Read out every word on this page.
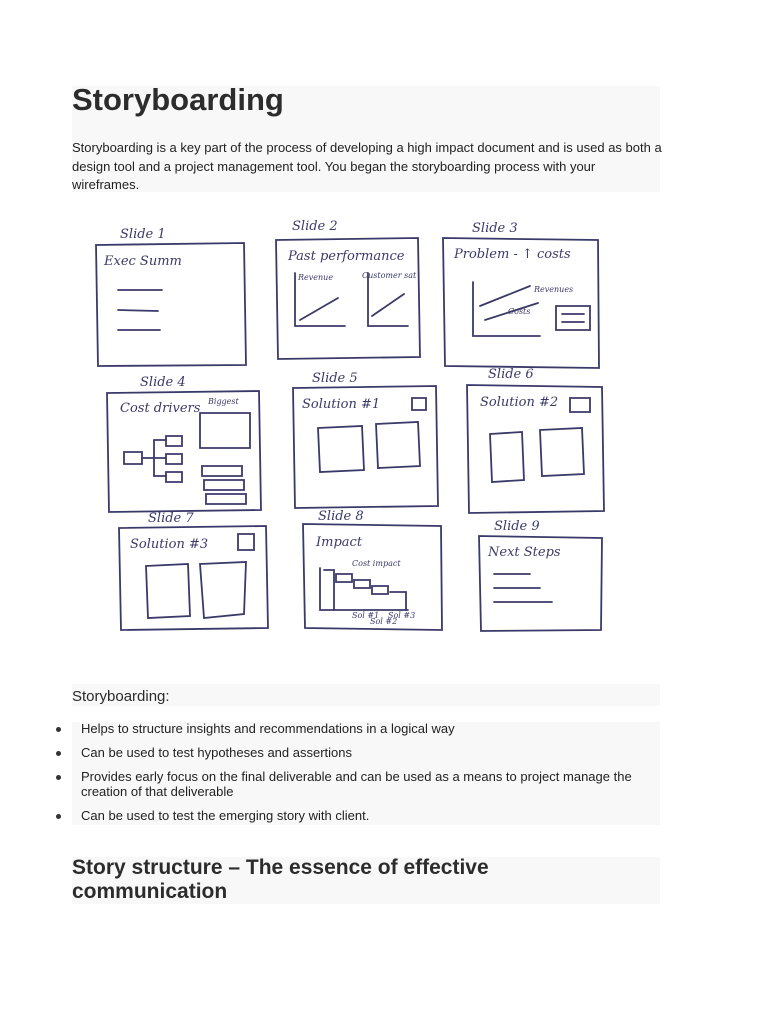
Storyboarding

Storyboarding is a key part of the process of developing a high impact document and is used as both a design tool and a project management tool. You began the storyboarding process with your wireframes.

Slide 1
Exec Summ
Slide 2
Past performance
Revenue	Customer sat
Slide 3
Problem - ↑ costs
Revenues
Costs
Slide 4
Cost drivers Biggest
Slide 5
Solution #1
Slide 6
Solution #2
Slide 7
Solution #3
Slide 8
Impact
Cost impact
Sol #1
Sol #2
Sol #3
Slide 9
Next Steps

Storyboarding:

Helps to structure insights and recommendations in a logical way
Can be used to test hypotheses and assertions
Provides early focus on the final deliverable and can be used as a means to project manage the creation of that deliverable
Can be used to test the emerging story with client.
Story structure – The essence of effective communication
